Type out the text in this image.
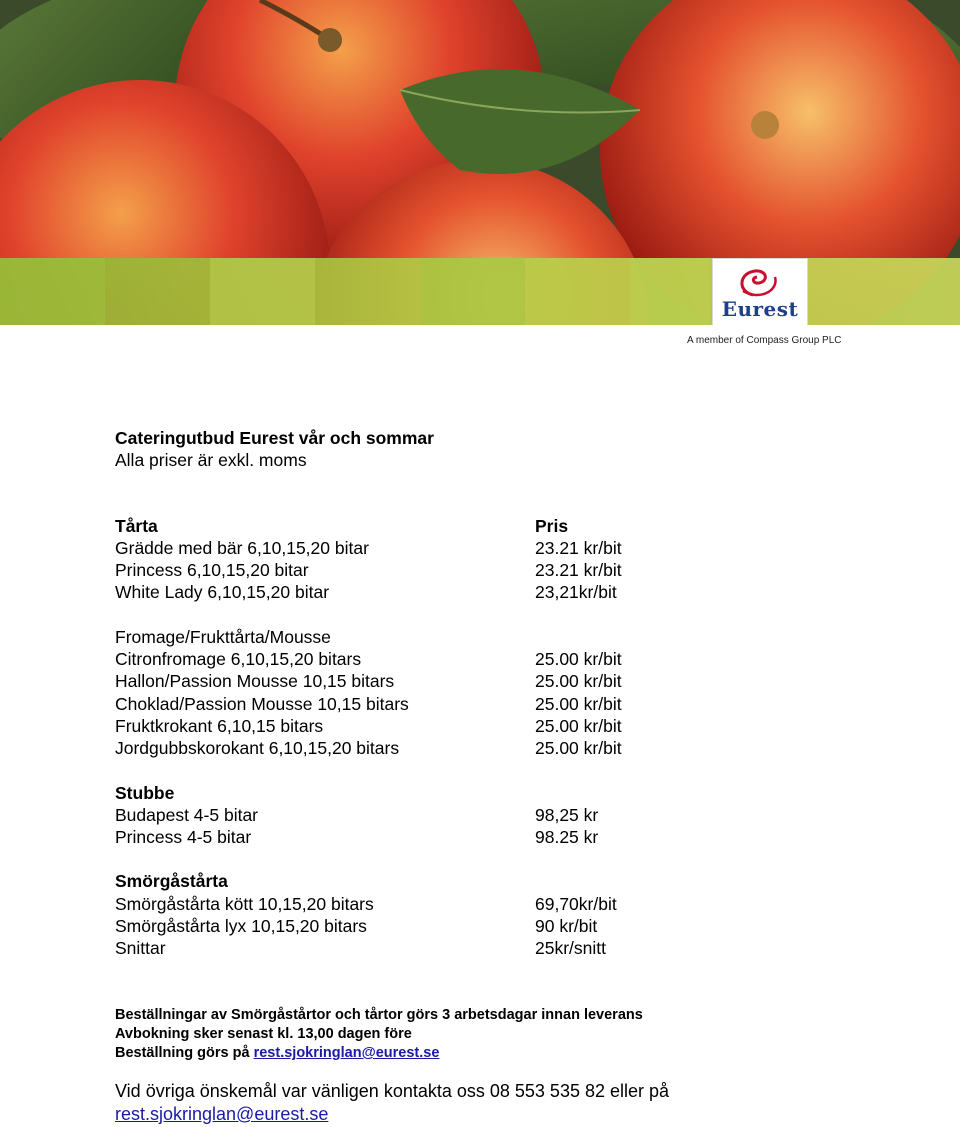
Eurest
A member of Compass Group PLC
Cateringutbud Eurest vår och sommar
Alla priser är exkl. moms
Tårta	Pris
Grädde med bär 6,10,15,20 bitar	23.21 kr/bit
Princess 6,10,15,20 bitar	23.21 kr/bit
White Lady 6,10,15,20 bitar	23,21kr/bit
Fromage/Frukttårta/Mousse
Citronfromage 6,10,15,20 bitars	25.00 kr/bit
Hallon/Passion Mousse 10,15 bitars	25.00 kr/bit
Choklad/Passion Mousse 10,15 bitars	25.00 kr/bit
Fruktkrokant 6,10,15 bitars	25.00 kr/bit
Jordgubbskorokant 6,10,15,20 bitars	25.00 kr/bit
Stubbe
Budapest 4-5 bitar	98,25 kr
Princess 4-5 bitar	98.25 kr
Smörgåstårta
Smörgåstårta kött 10,15,20 bitars	69,70kr/bit
Smörgåstårta lyx 10,15,20 bitars	90 kr/bit
Snittar	25kr/snitt
Beställningar av Smörgåstårtor och tårtor görs 3 arbetsdagar innan leverans
Avbokning sker senast kl. 13,00 dagen före
Beställning görs på rest.sjokringlan@eurest.se
Vid övriga önskemål var vänligen kontakta oss 08 553 535 82 eller på
rest.sjokringlan@eurest.se
